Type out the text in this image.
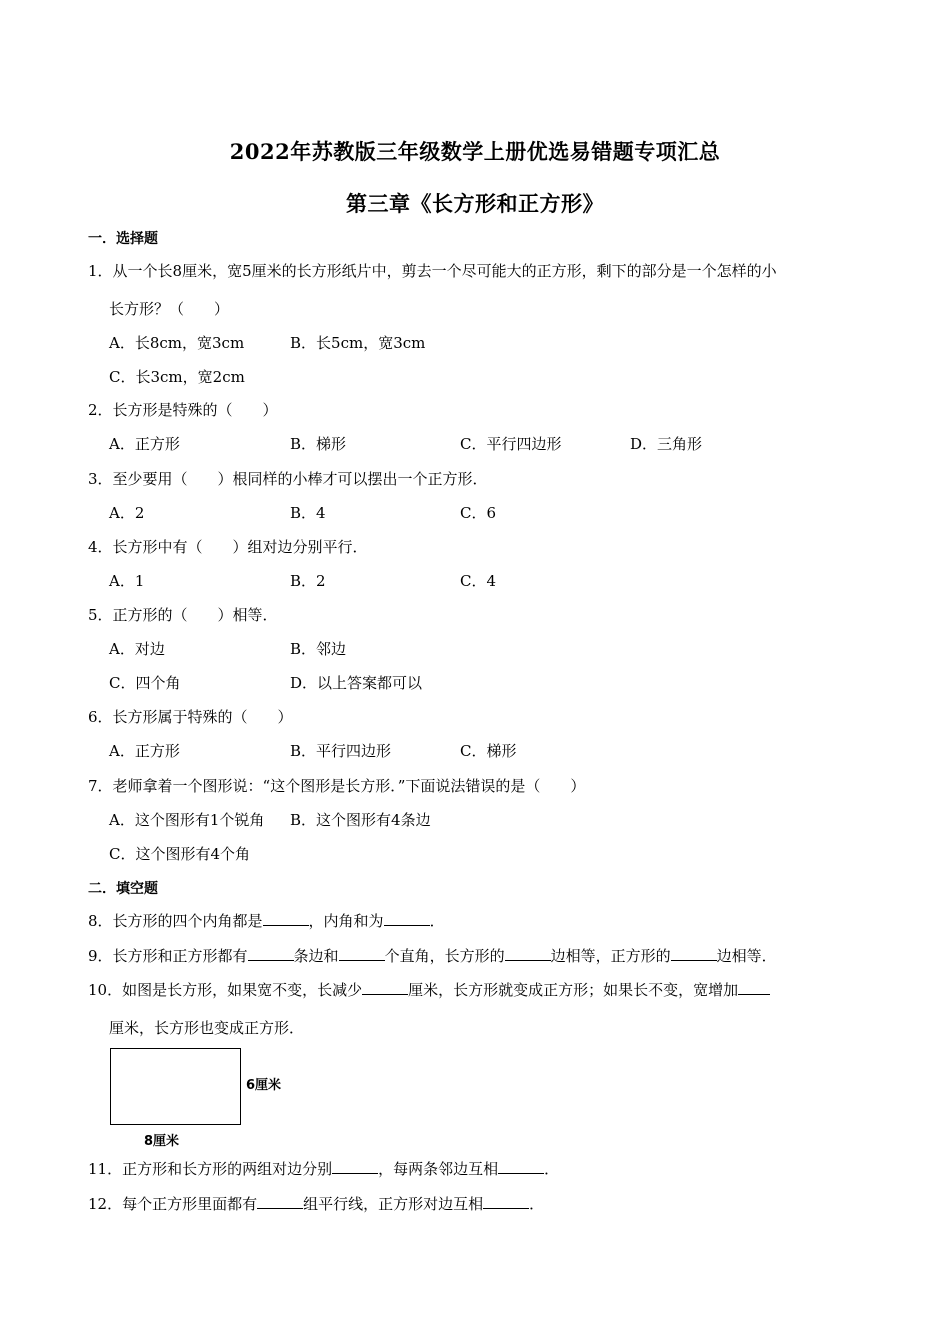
2022年苏教版三年级数学上册优选易错题专项汇总
第三章《长方形和正方形》
一．选择题
1．从一个长8厘米，宽5厘米的长方形纸片中，剪去一个尽可能大的正方形，剩下的部分是一个怎样的小
长方形？（　　）
A．长8cm，宽3cm	B．长5cm，宽3cm
C．长3cm，宽2cm
2．长方形是特殊的（　　）
A．正方形	B．梯形	C．平行四边形	D．三角形
3．至少要用（　　）根同样的小棒才可以摆出一个正方形．
A．2	B．4	C．6
4．长方形中有（　　）组对边分别平行．
A．1	B．2	C．4
5．正方形的（　　）相等．
A．对边	B．邻边
C．四个角	D．以上答案都可以
6．长方形属于特殊的（　　）
A．正方形	B．平行四边形	C．梯形
7．老师拿着一个图形说：“这个图形是长方形．”下面说法错误的是（　　）
A．这个图形有1个锐角 B．这个图形有4条边
C．这个图形有4个角
二．填空题
8．长方形的四个内角都是	，内角和为	．
9．长方形和正方形都有	条边和	个直角，长方形的	边相等，正方形的	边相等．
10．如图是长方形，如果宽不变，长减少	厘米，长方形就变成正方形；如果长不变，宽增加
厘米，长方形也变成正方形．
6厘米
8厘米
11．正方形和长方形的两组对边分别	，每两条邻边互相	．
12．每个正方形里面都有	组平行线，正方形对边互相	．
